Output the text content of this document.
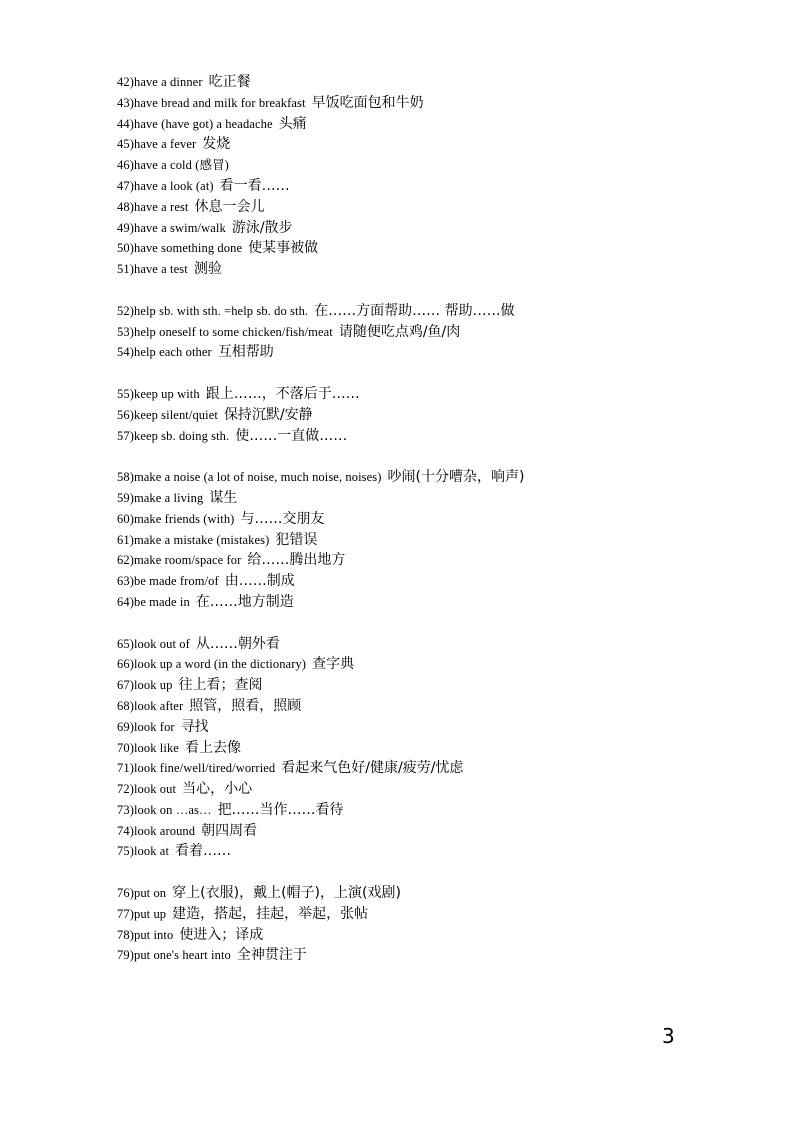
42)have a dinner 吃正餐
43)have bread and milk for breakfast 早饭吃面包和牛奶
44)have (have got) a headache 头痛
45)have a fever 发烧
46)have a cold (感冒)
47)have a look (at) 看一看……
48)have a rest 休息一会儿
49)have a swim/walk 游泳/散步
50)have something done 使某事被做
51)have a test 测验
52)help sb. with sth. =help sb. do sth. 在……方面帮助…… 帮助……做
53)help oneself to some chicken/fish/meat 请随便吃点鸡/鱼/肉
54)help each other 互相帮助
55)keep up with 跟上……，不落后于……
56)keep silent/quiet 保持沉默/安静
57)keep sb. doing sth. 使……一直做……
58)make a noise (a lot of noise, much noise, noises) 吵闹(十分嘈杂，响声)
59)make a living 谋生
60)make friends (with) 与……交朋友
61)make a mistake (mistakes) 犯错误
62)make room/space for 给……腾出地方
63)be made from/of 由……制成
64)be made in 在……地方制造
65)look out of 从……朝外看
66)look up a word (in the dictionary) 查字典
67)look up 往上看；查阅
68)look after 照管，照看，照顾
69)look for 寻找
70)look like 看上去像
71)look fine/well/tired/worried 看起来气色好/健康/疲劳/忧虑
72)look out 当心，小心
73)look on …as… 把……当作……看待
74)look around 朝四周看
75)look at 看着……
76)put on 穿上(衣服)，戴上(帽子)，上演(戏剧)
77)put up 建造，搭起，挂起，举起，张帖
78)put into 使进入；译成
79)put one's heart into 全神贯注于
3
